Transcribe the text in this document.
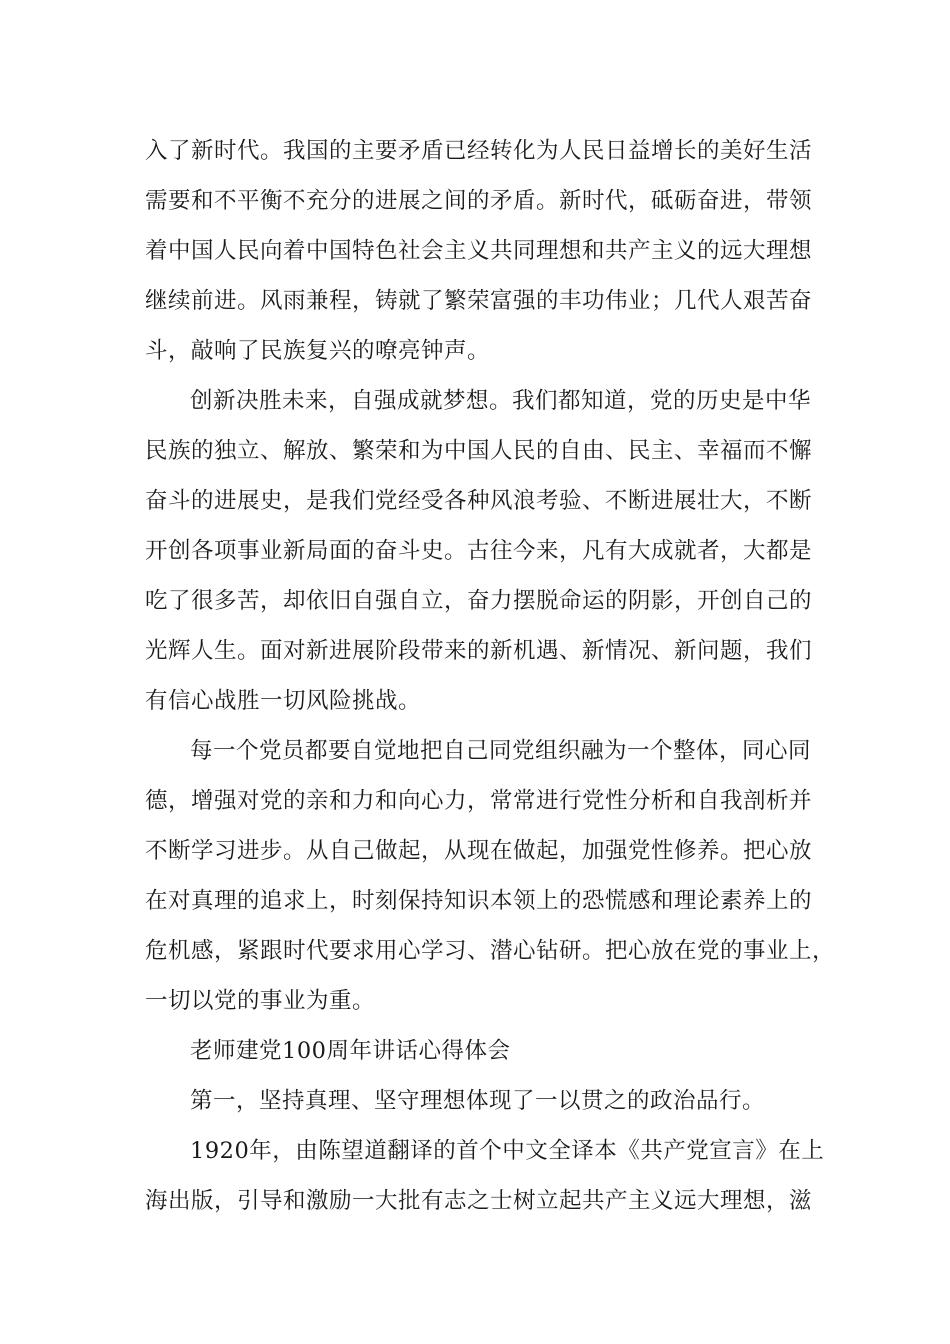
入了新时代。我国的主要矛盾已经转化为人民日益增长的美好生活
需要和不平衡不充分的进展之间的矛盾。新时代，砥砺奋进，带领
着中国人民向着中国特色社会主义共同理想和共产主义的远大理想
继续前进。风雨兼程，铸就了繁荣富强的丰功伟业；几代人艰苦奋
斗，敲响了民族复兴的嘹亮钟声。
创新决胜未来，自强成就梦想。我们都知道，党的历史是中华
民族的独立、解放、繁荣和为中国人民的自由、民主、幸福而不懈
奋斗的进展史，是我们党经受各种风浪考验、不断进展壮大，不断
开创各项事业新局面的奋斗史。古往今来，凡有大成就者，大都是
吃了很多苦，却依旧自强自立，奋力摆脱命运的阴影，开创自己的
光辉人生。面对新进展阶段带来的新机遇、新情况、新问题，我们
有信心战胜一切风险挑战。
每一个党员都要自觉地把自己同党组织融为一个整体，同心同
德，增强对党的亲和力和向心力，常常进行党性分析和自我剖析并
不断学习进步。从自己做起，从现在做起，加强党性修养。把心放
在对真理的追求上，时刻保持知识本领上的恐慌感和理论素养上的
危机感，紧跟时代要求用心学习、潜心钻研。把心放在党的事业上，
一切以党的事业为重。
老师建党100周年讲话心得体会
第一，坚持真理、坚守理想体现了一以贯之的政治品行。
1920年，由陈望道翻译的首个中文全译本《共产党宣言》在上
海出版，引导和激励一大批有志之士树立起共产主义远大理想，滋
